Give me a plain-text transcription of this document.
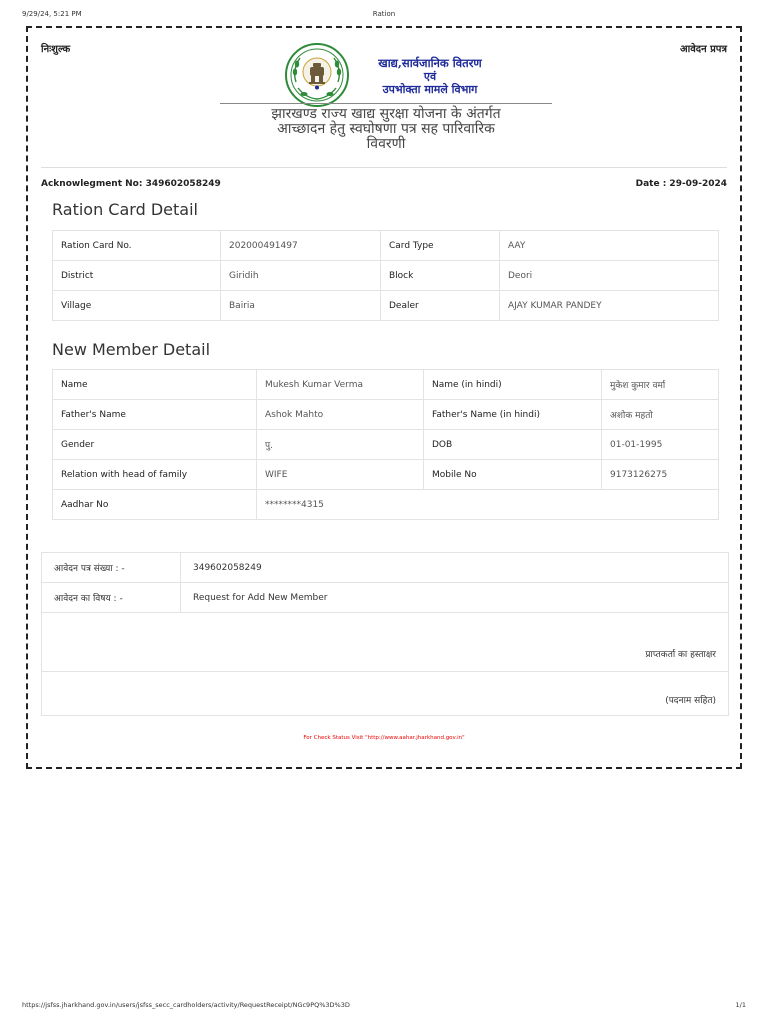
9/29/24, 5:21 PM	Ration
निःशुल्क	आवेदन प्रपत्र
खाद्य,सार्वजानिक वितरण
एवं
उपभोक्ता मामले विभाग
झारखण्ड राज्य खाद्य सुरक्षा योजना के अंतर्गत
आच्छादन हेतु स्वघोषणा पत्र सह पारिवारिक
विवरणी
Acknowlegment No: 349602058249	Date : 29-09-2024
Ration Card Detail
Ration Card No.	202000491497	Card Type	AAY
District	Giridih	Block	Deori
Village	Bairia	Dealer	AJAY KUMAR PANDEY
New Member Detail
Name	Mukesh Kumar Verma	Name (in hindi)	मुकेश कुमार वर्मा
Father's Name	Ashok Mahto	Father's Name (in hindi)	अशोक महतो
Gender	पु.	DOB	01-01-1995
Relation with head of family	WIFE	Mobile No	9173126275
Aadhar No	********4315		
आवेदन पत्र संख्या : -	349602058249
आवेदन का विषय : -	Request for Add New Member
प्राप्तकर्ता का हस्ताक्षर	
(पदनाम सहित)	
For Check Status Visit "http://www.aahar.jharkhand.gov.in"
https://jsfss.jharkhand.gov.in/users/jsfss_secc_cardholders/activity/RequestReceipt/NGc9PQ%3D%3D	1/1
